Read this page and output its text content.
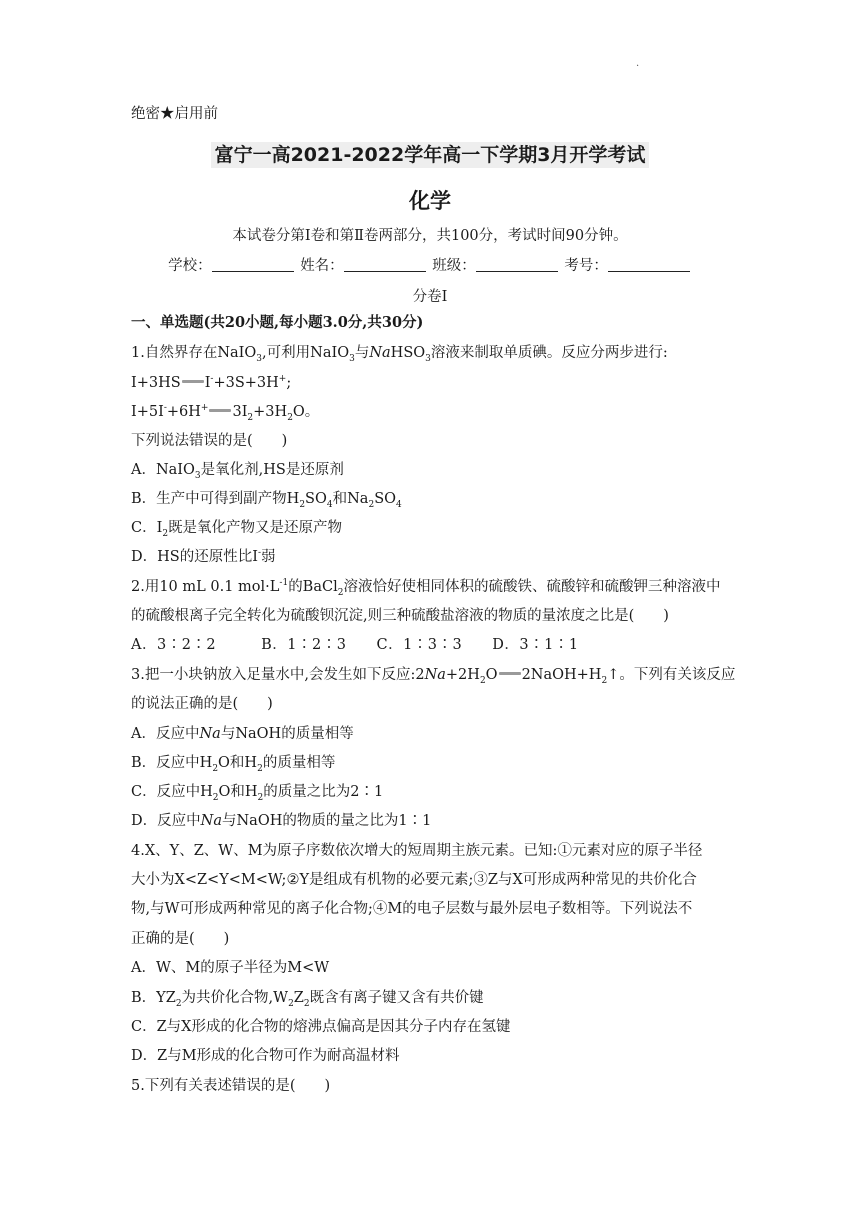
.
绝密★启用前
富宁一高2021-2022学年高一下学期3月开学考试
化学
本试卷分第Ⅰ卷和第Ⅱ卷两部分，共100分，考试时间90分钟。
学校：	姓名：	班级：	考号：
分卷I
一、单选题(共20小题,每小题3.0分,共30分)
1.自然界存在NaIO$_3$,可利用NaIO$_3$与NaHSO$_3$溶液来制取单质碘。反应分两步进行:
I+3HS I-+3S+3H+;
I+5I-+6H+ $3I_2+3H_2O$。
下列说法错误的是(　　)
A．NaIO$_3$是氧化剂,HS是还原剂
B．生产中可得到副产物$H_2SO_4$和$Na_2SO_4$
C．$I_2$既是氧化产物又是还原产物
D．HS的还原性比I-弱
2.用10 mL 0.1 $mol\cdot L^{-1}$的BaCl$_2$溶液恰好使相同体积的硫酸铁、硫酸锌和硫酸钾三种溶液中
的硫酸根离子完全转化为硫酸钡沉淀,则三种硫酸盐溶液的物质的量浓度之比是(　　)
A．3∶2∶2　　　B．1∶2∶3　　C．1∶3∶3　　D．3∶1∶1
3.把一小块钠放入足量水中,会发生如下反应$:2Na+2H_2O$ $2NaOH+H_2↑$。下列有关该反应
的说法正确的是(　　)
A．反应中Na与NaOH的质量相等
B．反应中$H_2O$和$H_2$的质量相等
C．反应中$H_2O$和$H_2$的质量之比为2∶1
D．反应中Na与NaOH的物质的量之比为1∶1
4.X、Y、Z、W、M为原子序数依次增大的短周期主族元素。已知:①元素对应的原子半径
大小为X<Z<Y<M<W;②Y是组成有机物的必要元素;③Z与X可形成两种常见的共价化合
物,与W可形成两种常见的离子化合物;④M的电子层数与最外层电子数相等。下列说法不
正确的是(　　)
A．W、M的原子半径为M<W
B．$YZ_2$为共价化合物$,W_2Z_2$既含有离子键又含有共价键
C．Z与X形成的化合物的熔沸点偏高是因其分子内存在氢键
D．Z与M形成的化合物可作为耐高温材料
5.下列有关表述错误的是(　　)
